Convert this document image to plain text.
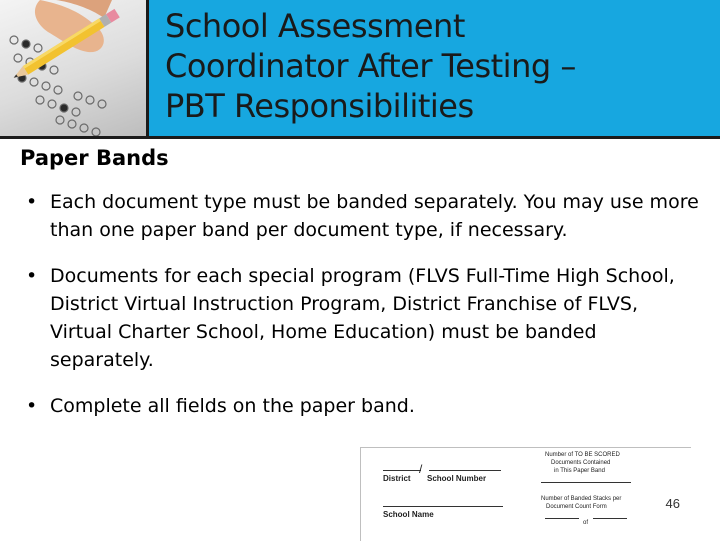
School Assessment
Coordinator After Testing –
PBT Responsibilities
Paper Bands
• Each document type must be banded separately. You may use more than one paper band per document type, if necessary.
• Documents for each special program (FLVS Full-Time High School, District Virtual Instruction Program, District Franchise of FLVS, Virtual Charter School, Home Education) must be banded separately.
• Complete all fields on the paper band.
District
/
School Number
School Name
Number of TO BE SCORED
Documents Contained
in This Paper Band
Number of Banded Stacks per
Document Count Form
of
46
